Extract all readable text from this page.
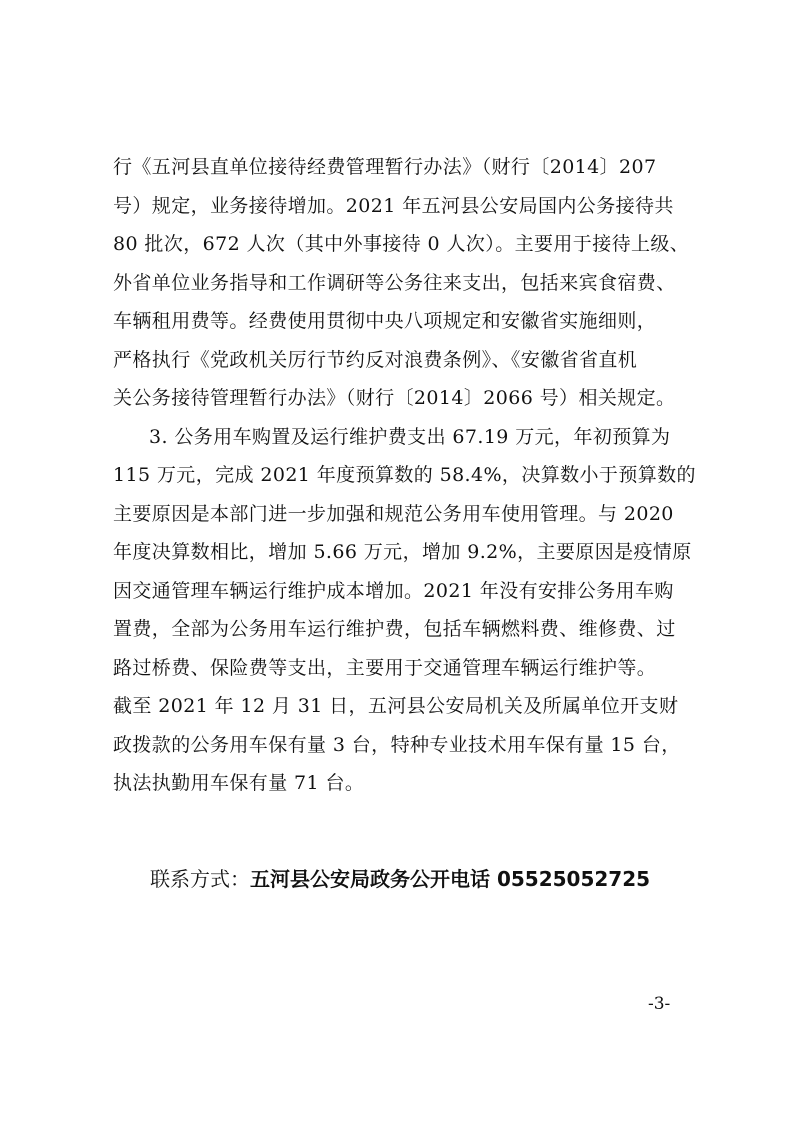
行《五河县直单位接待经费管理暂行办法》（财行〔2014〕207
号）规定，业务接待增加。2021 年五河县公安局国内公务接待共
80 批次，672 人次（其中外事接待 0 人次）。主要用于接待上级、
外省单位业务指导和工作调研等公务往来支出，包括来宾食宿费、
车辆租用费等。经费使用贯彻中央八项规定和安徽省实施细则，
严格执行《党政机关厉行节约反对浪费条例》、《安徽省省直机
关公务接待管理暂行办法》（财行〔2014〕2066 号）相关规定。
3. 公务用车购置及运行维护费支出 67.19 万元，年初预算为
115 万元，完成 2021 年度预算数的 58.4%，决算数小于预算数的
主要原因是本部门进一步加强和规范公务用车使用管理。与 2020
年度决算数相比，增加 5.66 万元，增加 9.2%，主要原因是疫情原
因交通管理车辆运行维护成本增加。2021 年没有安排公务用车购
置费，全部为公务用车运行维护费，包括车辆燃料费、维修费、过
路过桥费、保险费等支出，主要用于交通管理车辆运行维护等。
截至 2021 年 12 月 31 日，五河县公安局机关及所属单位开支财
政拨款的公务用车保有量 3 台，特种专业技术用车保有量 15 台，
执法执勤用车保有量 71 台。
联系方式：五河县公安局政务公开电话 05525052725
-3-
